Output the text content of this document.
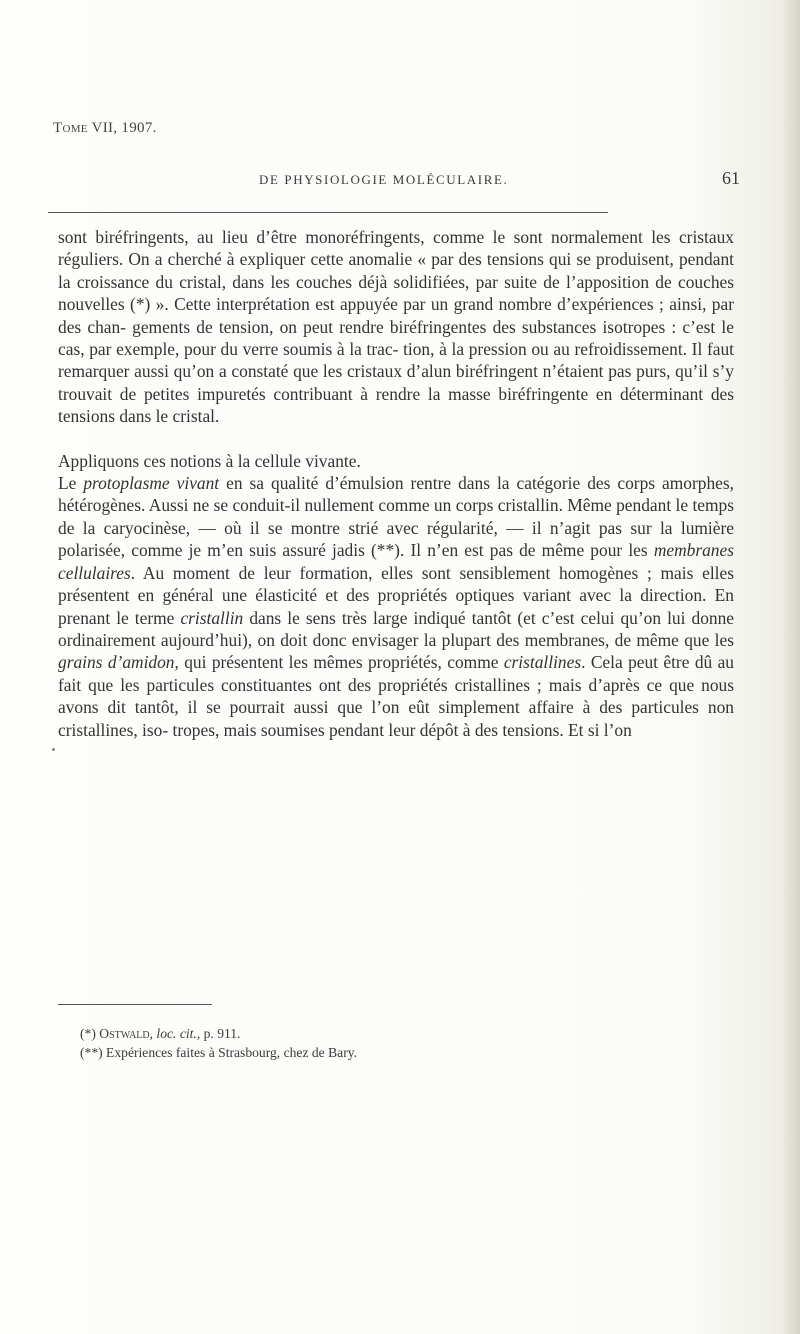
Tome VII, 1907.
DE PHYSIOLOGIE MOLÉCULAIRE.	61

sont biréfringents, au lieu d’être monoréfringents, comme le sont normalement les cristaux réguliers. On a cherché à expliquer cette anomalie « par des tensions qui se produisent, pendant la croissance du cristal, dans les couches déjà solidifiées, par suite de l’apposition de couches nouvelles (*) ». Cette interprétation est appuyée par un grand nombre d’expériences ; ainsi, par des chan- gements de tension, on peut rendre biréfringentes des substances isotropes : c’est le cas, par exemple, pour du verre soumis à la trac- tion, à la pression ou au refroidissement. Il faut remarquer aussi qu’on a constaté que les cristaux d’alun biréfringent n’étaient pas purs, qu’il s’y trouvait de petites impuretés contribuant à rendre la masse biréfringente en déterminant des tensions dans le cristal.

Appliquons ces notions à la cellule vivante.

Le protoplasme vivant en sa qualité d’émulsion rentre dans la catégorie des corps amorphes, hétérogènes. Aussi ne se conduit-il nullement comme un corps cristallin. Même pendant le temps de la caryocinèse, — où il se montre strié avec régularité, — il n’agit pas sur la lumière polarisée, comme je m’en suis assuré jadis (**). Il n’en est pas de même pour les membranes cellulaires. Au moment de leur formation, elles sont sensiblement homogènes ; mais elles présentent en général une élasticité et des propriétés optiques variant avec la direction. En prenant le terme cristallin dans le sens très large indiqué tantôt (et c’est celui qu’on lui donne ordinairement aujourd’hui), on doit donc envisager la plupart des membranes, de même que les grains d’amidon, qui présentent les mêmes propriétés, comme cristallines. Cela peut être dû au fait que les particules constituantes ont des propriétés cristallines ; mais d’après ce que nous avons dit tantôt, il se pourrait aussi que l’on eût simplement affaire à des particules non cristallines, iso- tropes, mais soumises pendant leur dépôt à des tensions. Et si l’on

(*) Ostwald, loc. cit., p. 911.
(**) Expériences faites à Strasbourg, chez de Bary.
